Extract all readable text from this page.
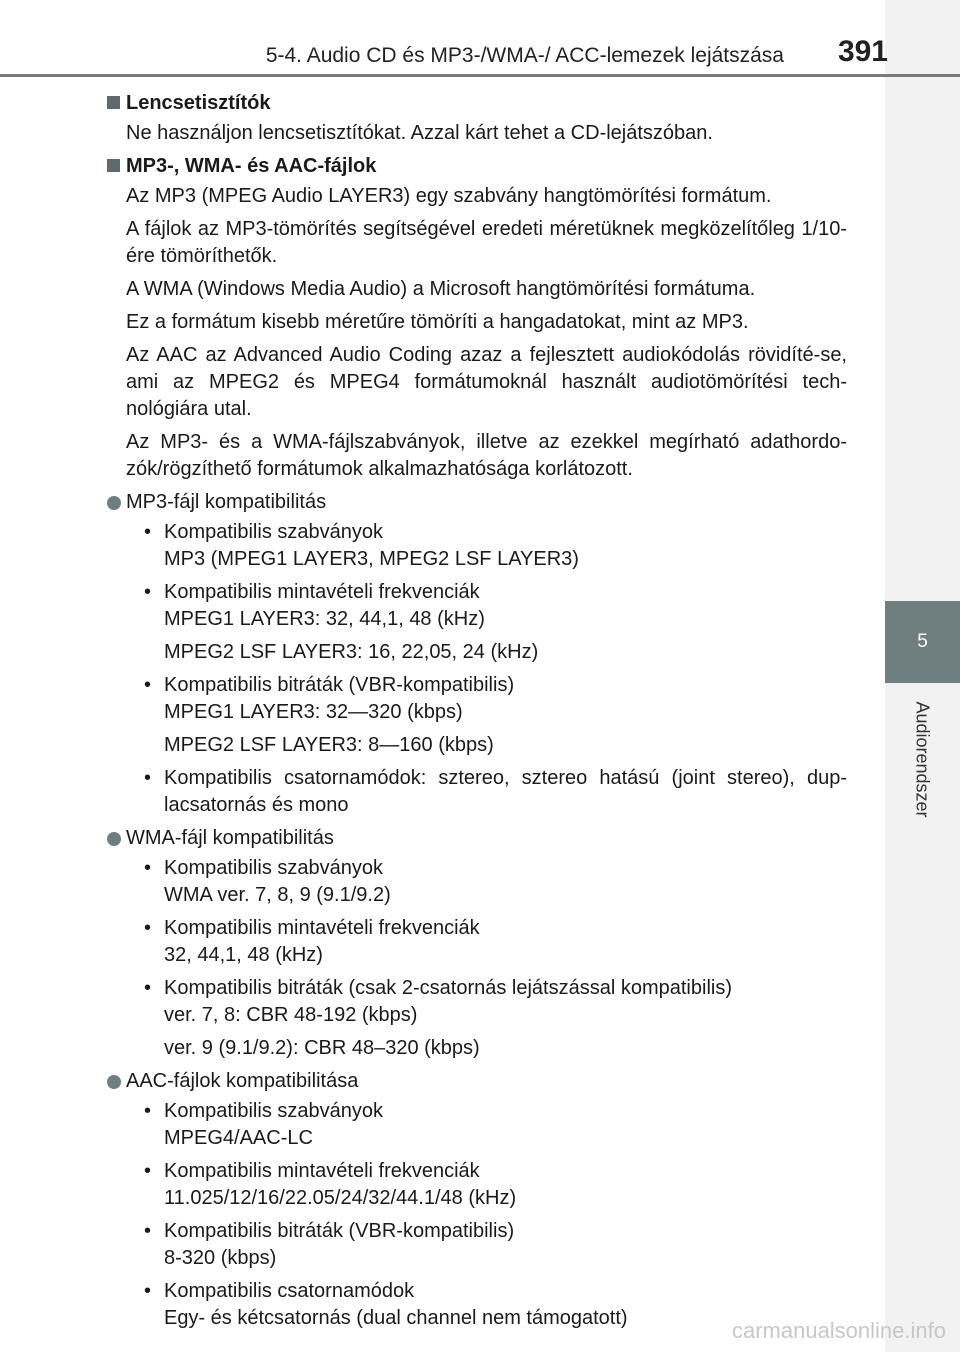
5-4. Audio CD és MP3-/WMA-/ ACC-lemezek lejátszása 391
5
Audiorendszer
Lencsetisztítók
Ne használjon lencsetisztítókat. Azzal kárt tehet a CD-lejátszóban.
MP3-, WMA- és AAC-fájlok
Az MP3 (MPEG Audio LAYER3) egy szabvány hangtömörítési formátum.
A fájlok az MP3-tömörítés segítségével eredeti méretüknek megközelítőleg 1/10-ére tömöríthetők.
A WMA (Windows Media Audio) a Microsoft hangtömörítési formátuma.
Ez a formátum kisebb méretűre tömöríti a hangadatokat, mint az MP3.
Az AAC az Advanced Audio Coding azaz a fejlesztett audiokódolás rövidíté-se, ami az MPEG2 és MPEG4 formátumoknál használt audiotömörítési tech-nológiára utal.
Az MP3- és a WMA-fájlszabványok, illetve az ezekkel megírható adathordo-zók/rögzíthető formátumok alkalmazhatósága korlátozott.
MP3-fájl kompatibilitás
• Kompatibilis szabványok
MP3 (MPEG1 LAYER3, MPEG2 LSF LAYER3)
• Kompatibilis mintavételi frekvenciák
MPEG1 LAYER3: 32, 44,1, 48 (kHz)
MPEG2 LSF LAYER3: 16, 22,05, 24 (kHz)
• Kompatibilis bitráták (VBR-kompatibilis)
MPEG1 LAYER3: 32—320 (kbps)
MPEG2 LSF LAYER3: 8—160 (kbps)
• Kompatibilis csatornamódok: sztereo, sztereo hatású (joint stereo), dup-lacsatornás és mono
WMA-fájl kompatibilitás
• Kompatibilis szabványok
WMA ver. 7, 8, 9 (9.1/9.2)
• Kompatibilis mintavételi frekvenciák
32, 44,1, 48 (kHz)
• Kompatibilis bitráták (csak 2-csatornás lejátszással kompatibilis)
ver. 7, 8: CBR 48-192 (kbps)
ver. 9 (9.1/9.2): CBR 48–320 (kbps)
AAC-fájlok kompatibilitása
• Kompatibilis szabványok
MPEG4/AAC-LC
• Kompatibilis mintavételi frekvenciák
11.025/12/16/22.05/24/32/44.1/48 (kHz)
• Kompatibilis bitráták (VBR-kompatibilis)
8-320 (kbps)
• Kompatibilis csatornamódok
Egy- és kétcsatornás (dual channel nem támogatott)	carmanualsonline.info
